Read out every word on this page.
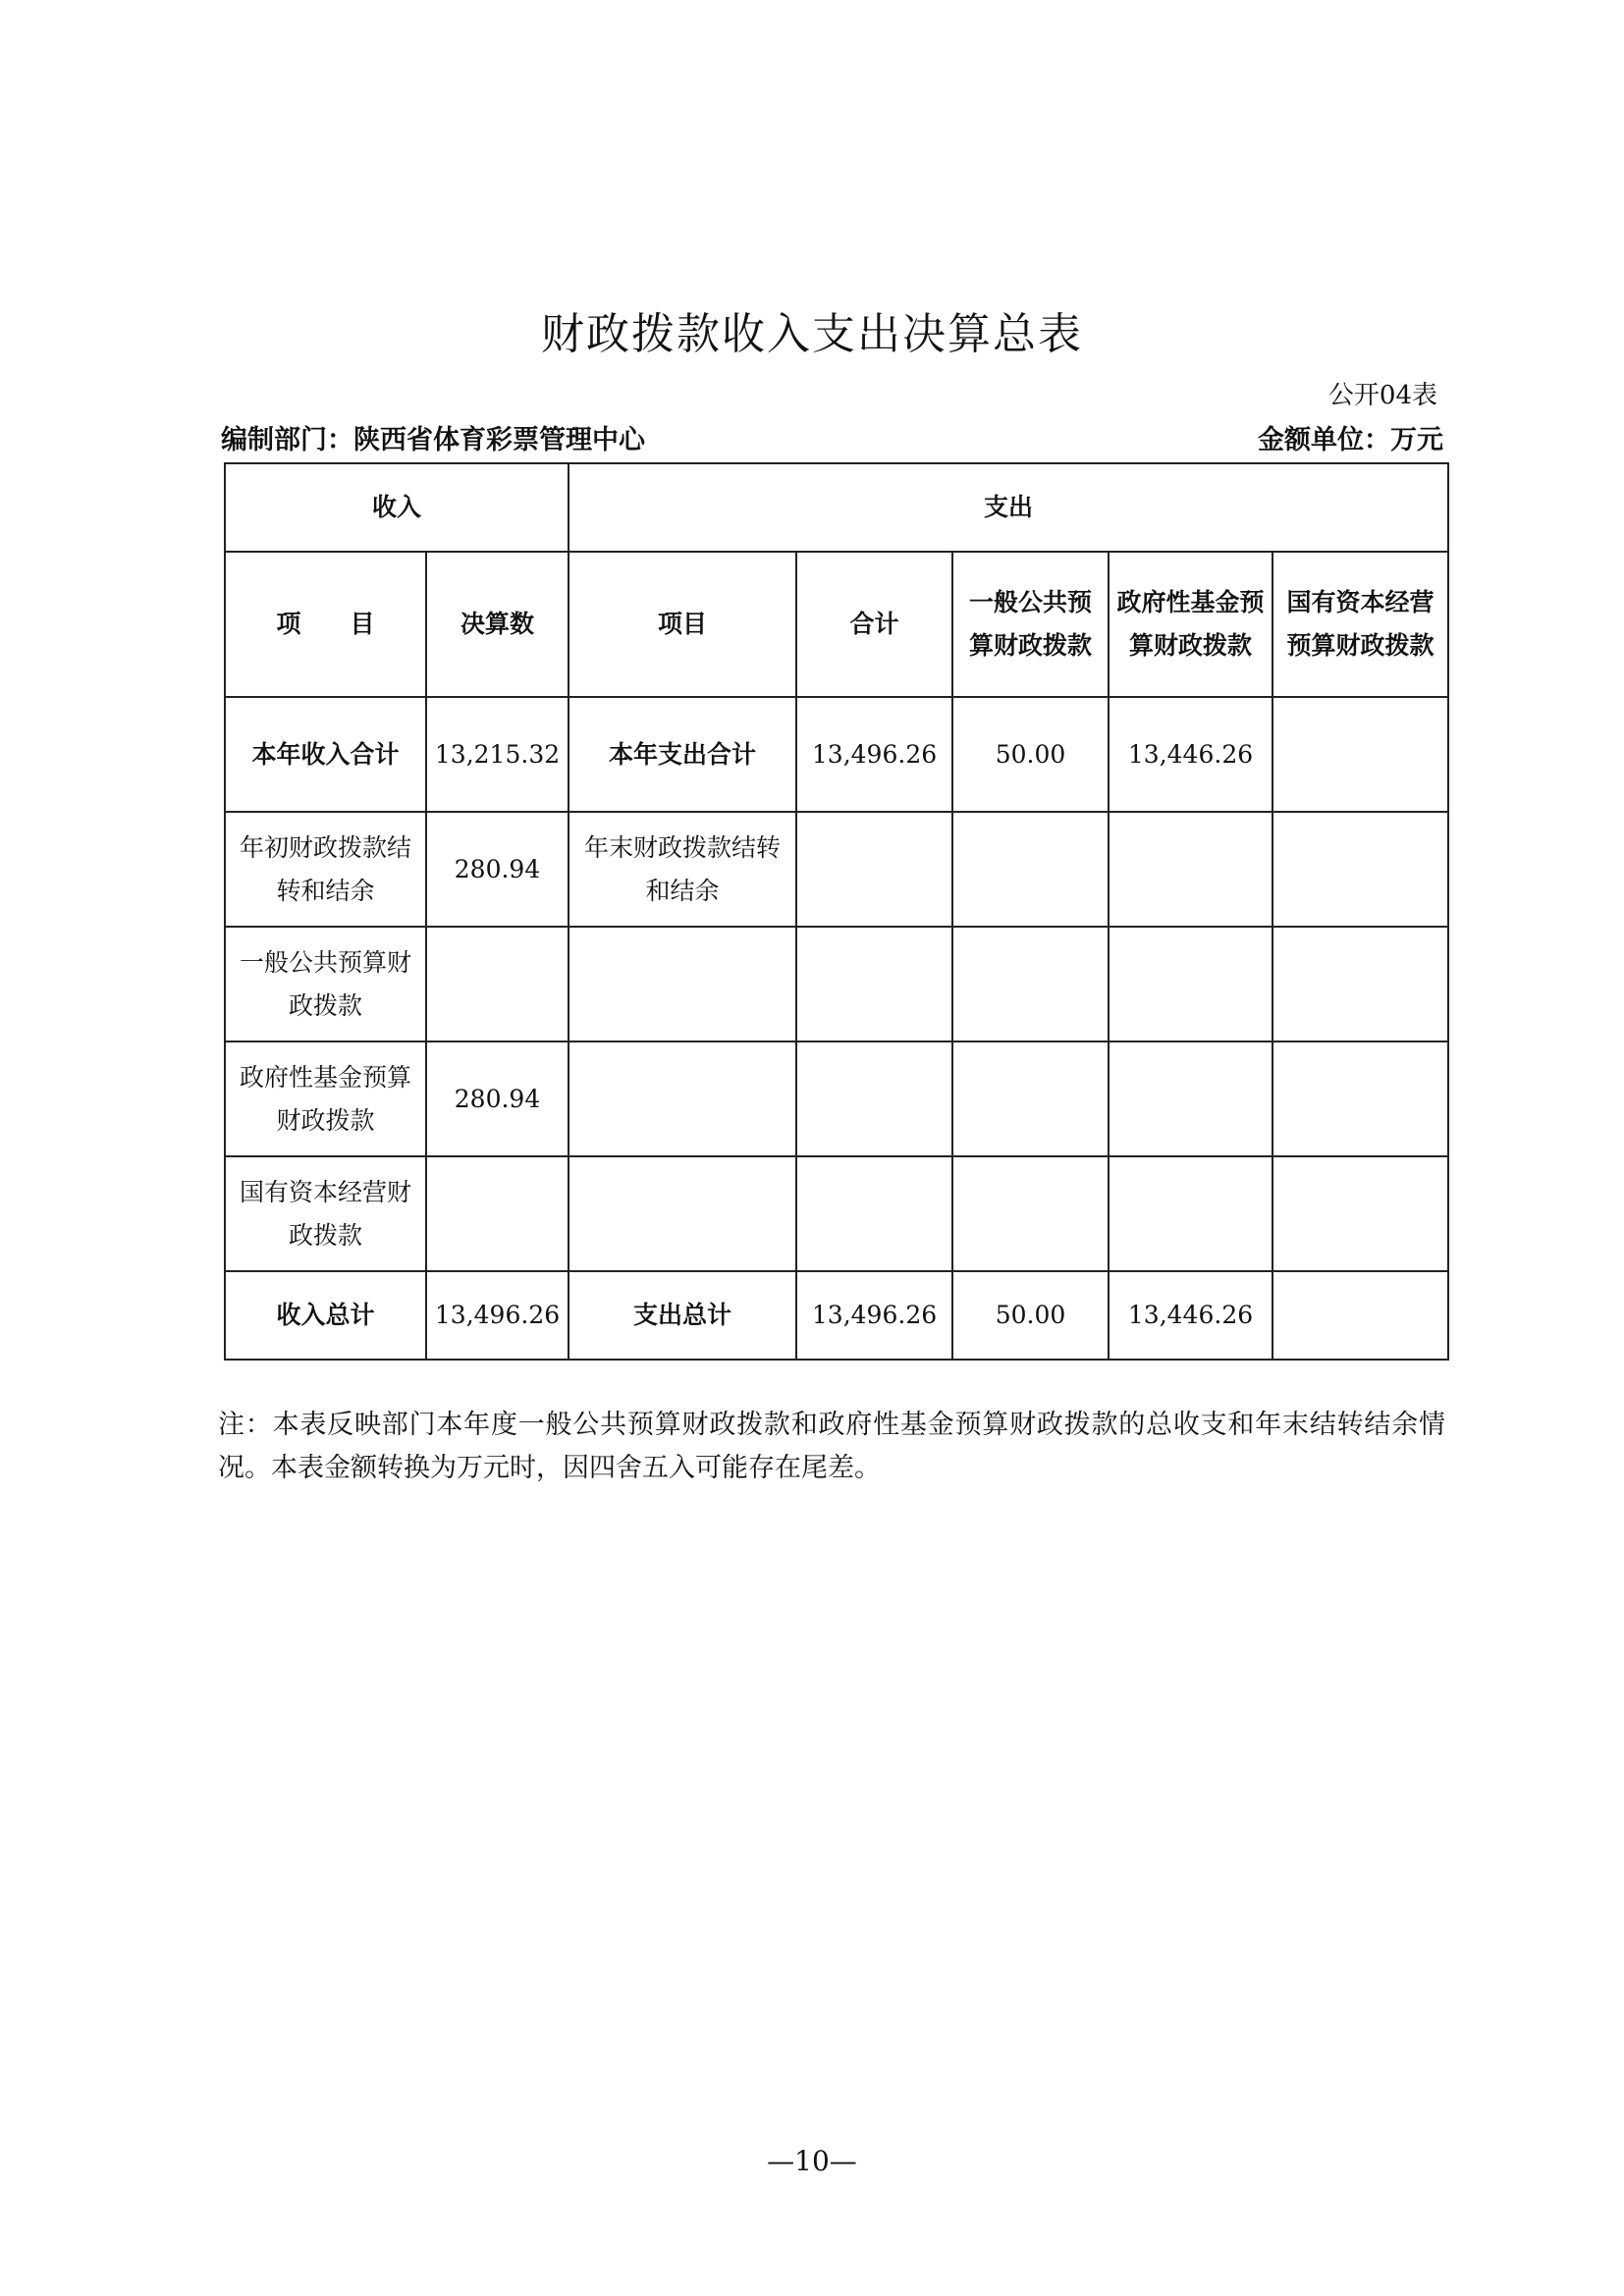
财政拨款收入支出决算总表
公开04表
编制部门：陕西省体育彩票管理中心	金额单位：万元
收入		支出				
项　　目	决算数	项目	合计	一般公共预算财政拨款	政府性基金预算财政拨款	国有资本经营预算财政拨款
本年收入合计	13,215.32	本年支出合计	13,496.26	50.00	13,446.26	
年初财政拨款结转和结余	280.94	年末财政拨款结转和结余				
一般公共预算财政拨款						
政府性基金预算财政拨款	280.94					
国有资本经营财政拨款						
收入总计	13,496.26	支出总计	13,496.26	50.00	13,446.26	
注：本表反映部门本年度一般公共预算财政拨款和政府性基金预算财政拨款的总收支和年末结转结余情况。本表金额转换为万元时，因四舍五入可能存在尾差。
—10—
